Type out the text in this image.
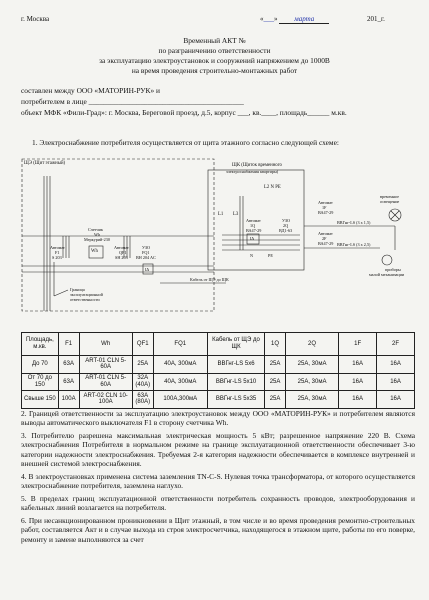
г. Москва	«___» марта	201_г.
Временный АКТ №
по разграничению ответственности
за эксплуатацию электроустановок и сооружений напряжением до 1000В
на время проведения строительно-монтажных работ
составлен между ООО «МАТОРИН-РУК» и
потребителем в лице __________________________________________
объект МФК «Фили-Град»: г. Москва, Береговой проезд, д.5, корпус ___, кв.____, площадь______ м.кв.
1. Электроснабжение потребителя осуществляется от щита этажного согласно следующей схеме:
ЩЭ (Щит этажный)	ЩК (Щиток временного
электроснабжения квартиры)
Счетчик
Wh
Меркурий-230
Wh
Автомат
F1
S 203
Автомат
QF1
SH 203
УЗО
FQ1
BH 204 AC
IΔ
L1 L3
L2 N PE
Автомат
1Q
ВА47-29
IΔ
УЗО
2Q
ВД1-63
Автомат
1F
ВА47-29
Автомат
2F
ВА47-29
временное
освещение
ВВГнг-LS (3 х 1,5)
ВВГнг-LS (3 х 2,5)
приборы
малой механизации
N	PE
Кабель от ЩЭ до ЩК
Граница
эксплуатационной
ответственности
Площадь, м.кв.	F1	Wh	QF1	FQ1	Кабель от ЩЭ до ЩК	1Q	2Q	1F	2F
До 70	63А	ART-01 CLN 5-60А	25А	40А, 300мА	ВВГнг-LS 5х6	25А	25А, 30мА	16А	16А
От 70 до 150	63А	ART-01 CLN 5-60А	32А (40А)	40А, 300мА	ВВГнг-LS 5х10	25А	25А, 30мА	16А	16А
Свыше 150	100А	ART-02 CLN 10-100А	63А (80А)	100А,300мА	ВВГнг-LS 5х35	25А	25А, 30мА	16А	16А
2. Границей ответственности за эксплуатацию электроустановок между ООО «МАТОРИН-РУК» и потребителем являются выводы автоматического выключателя F1 в сторону счетчика Wh.
3. Потребителю разрешена максимальная электрическая мощность 5 кВт; разрешенное напряжение 220 В. Схема электроснабжения Потребителя в нормальном режиме на границе эксплуатационной ответственности обеспечивает 3-ю категории надежности электроснабжения. Требуемая 2-я категория надежности обеспечивается в комплексе внутренней и внешней системой электроснабжения.
4. В электроустановках применена система заземления TN-C-S. Нулевая точка трансформатора, от которого осуществляется электроснабжение потребителя, заземлена наглухо.
5. В пределах границ эксплуатационной ответственности потребитель сохранность проводов, электрооборудования и кабельных линий возлагается на потребителя.
6. При несанкционированном проникновении в Щит этажный, в том числе и во время проведения ремонтно-строительных работ, составляется Акт и в случае выхода из строя электросчетчика, находящегося в этажном щите, работы по его поверке, ремонту и замене выполняются за счет
